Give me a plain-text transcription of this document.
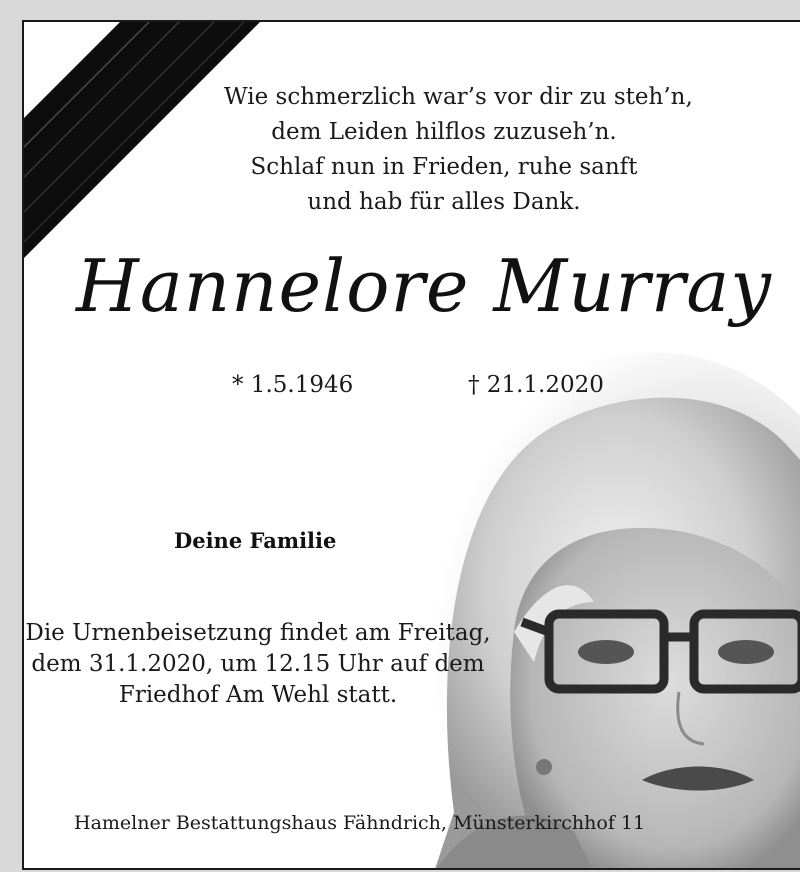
Wie schmerzlich war’s vor dir zu steh’n,
dem Leiden hilflos zuzuseh’n.
Schlaf nun in Frieden, ruhe sanft
und hab für alles Dank.
Hannelore Murray
* 1.5.1946	† 21.1.2020
Deine Familie
Die Urnenbeisetzung findet am Freitag,
dem 31.1.2020, um 12.15 Uhr auf dem
Friedhof Am Wehl statt.
Hamelner Bestattungshaus Fähndrich, Münsterkirchhof 11
